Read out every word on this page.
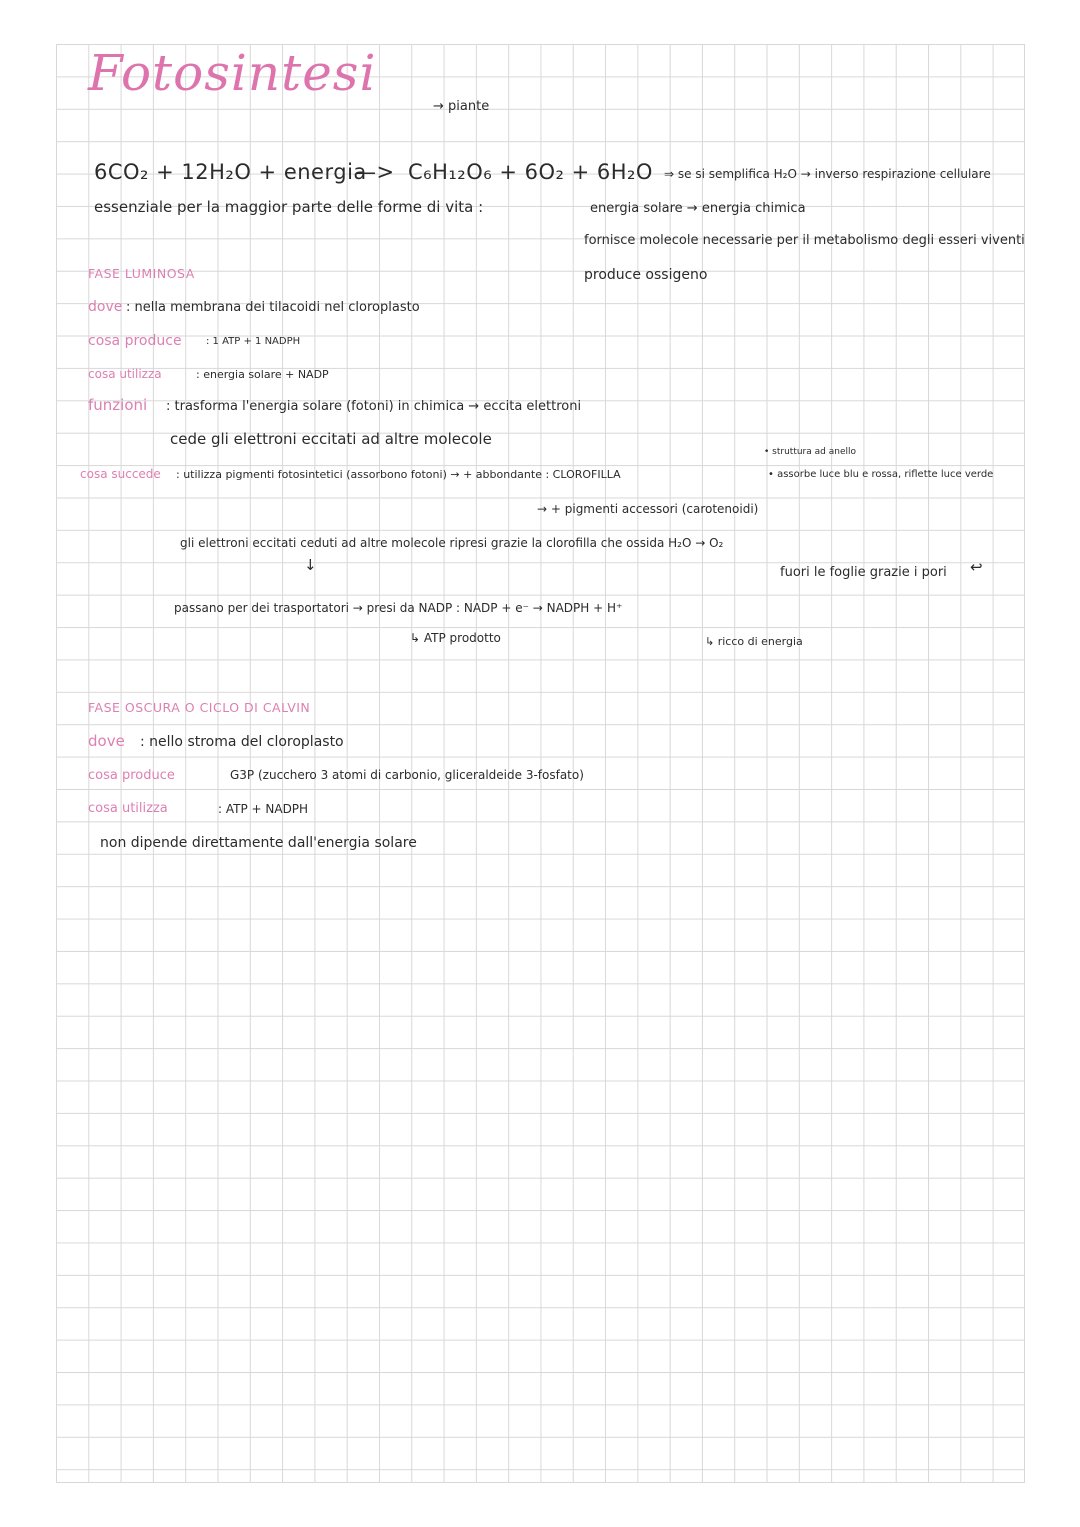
Fotosintesi
→ piante
6CO₂ + 12H₂O + energia
—> C₆H₁₂O₆ + 6O₂ + 6H₂O ⇒ se si semplifica H₂O → inverso respirazione cellulare
essenziale per la maggior parte delle forme di vita :	energia solare → energia chimica
fornisce molecole necessarie per il metabolismo degli esseri viventi
produce ossigeno
FASE LUMINOSA
dove : nella membrana dei tilacoidi nel cloroplasto
cosa produce : 1 ATP + 1 NADPH
cosa utilizza	: energia solare + NADP
funzioni : trasforma l'energia solare (fotoni) in chimica → eccita elettroni
cede gli elettroni eccitati ad altre molecole
• struttura ad anello
cosa succede : utilizza pigmenti fotosintetici (assorbono fotoni) → + abbondante : CLOROFILLA	• assorbe luce blu e rossa, riflette luce verde
→ + pigmenti accessori (carotenoidi)
gli elettroni eccitati ceduti ad altre molecole ripresi grazie la clorofilla che ossida H₂O → O₂
↓	fuori le foglie grazie i pori ↩
passano per dei trasportatori → presi da NADP : NADP + e⁻ → NADPH + H⁺
↳ ATP prodotto	↳ ricco di energia
FASE OSCURA O CICLO DI CALVIN
dove : nello stroma del cloroplasto
cosa produce	G3P (zucchero 3 atomi di carbonio, gliceraldeide 3-fosfato)
cosa utilizza	: ATP + NADPH
non dipende direttamente dall'energia solare
